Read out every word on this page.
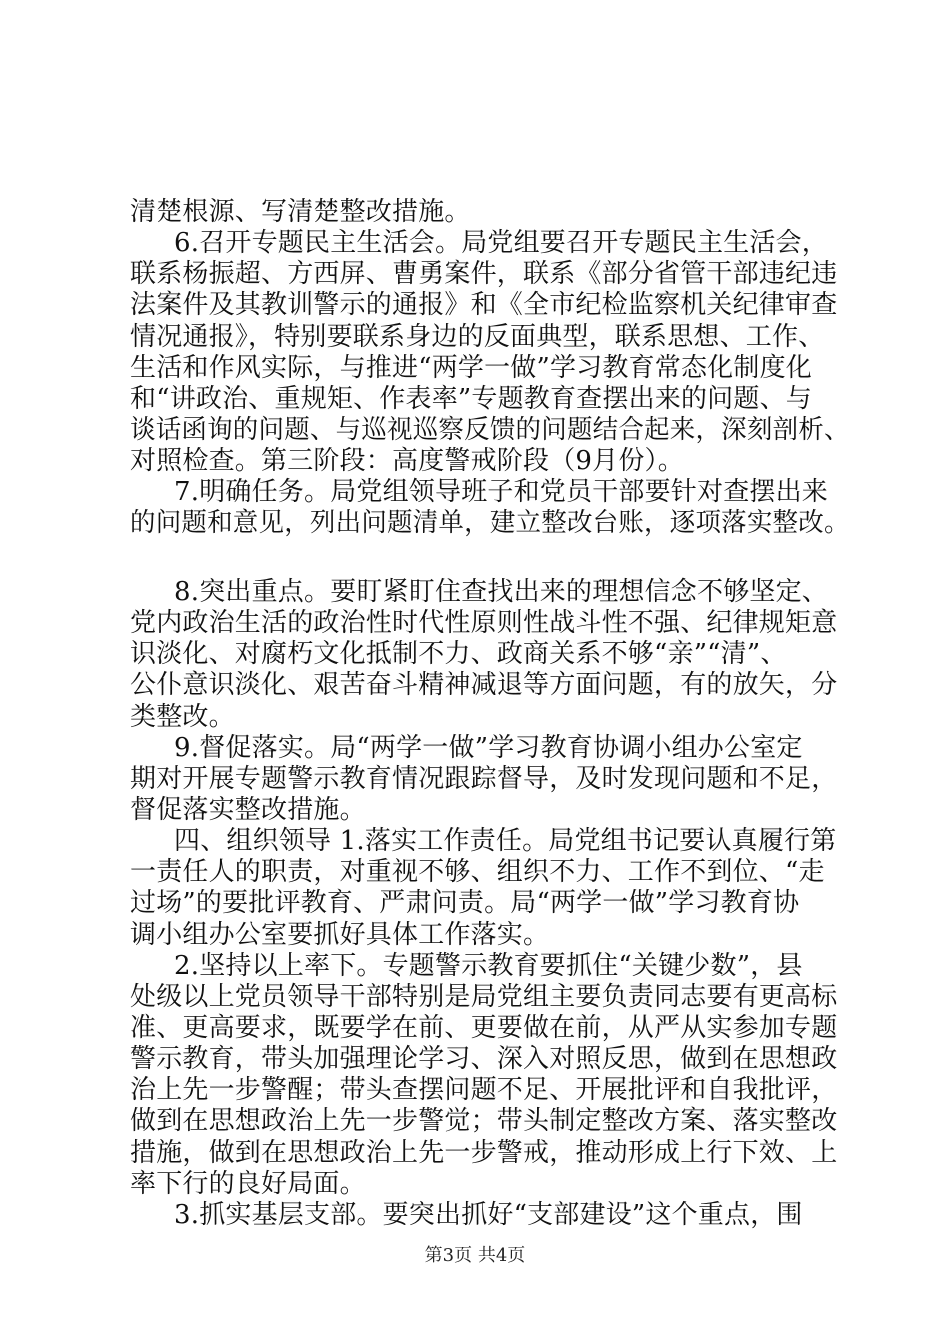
清楚根源、写清楚整改措施。

6.召开专题民主生活会。局党组要召开专题民主生活会，

联系杨振超、方西屏、曹勇案件，联系《部分省管干部违纪违

法案件及其教训警示的通报》和《全市纪检监察机关纪律审查

情况通报》，特别要联系身边的反面典型，联系思想、工作、

生活和作风实际，与推进“两学一做”学习教育常态化制度化

和“讲政治、重规矩、作表率”专题教育查摆出来的问题、与

谈话函询的问题、与巡视巡察反馈的问题结合起来，深刻剖析、

对照检查。第三阶段：高度警戒阶段（9月份）。

7.明确任务。局党组领导班子和党员干部要针对查摆出来

的问题和意见，列出问题清单，建立整改台账，逐项落实整改。

8.突出重点。要盯紧盯住查找出来的理想信念不够坚定、

党内政治生活的政治性时代性原则性战斗性不强、纪律规矩意

识淡化、对腐朽文化抵制不力、政商关系不够“亲”“清”、

公仆意识淡化、艰苦奋斗精神减退等方面问题，有的放矢，分

类整改。

9.督促落实。局“两学一做”学习教育协调小组办公室定

期对开展专题警示教育情况跟踪督导，及时发现问题和不足，

督促落实整改措施。

四、组织领导 1.落实工作责任。局党组书记要认真履行第

一责任人的职责，对重视不够、组织不力、工作不到位、“走

过场”的要批评教育、严肃问责。局“两学一做”学习教育协

调小组办公室要抓好具体工作落实。

2.坚持以上率下。专题警示教育要抓住“关键少数”，县

处级以上党员领导干部特别是局党组主要负责同志要有更高标

准、更高要求，既要学在前、更要做在前，从严从实参加专题

警示教育，带头加强理论学习、深入对照反思，做到在思想政

治上先一步警醒；带头查摆问题不足、开展批评和自我批评，

做到在思想政治上先一步警觉；带头制定整改方案、落实整改

措施，做到在思想政治上先一步警戒，推动形成上行下效、上

率下行的良好局面。

3.抓实基层支部。要突出抓好“支部建设”这个重点，围

第3页 共4页
